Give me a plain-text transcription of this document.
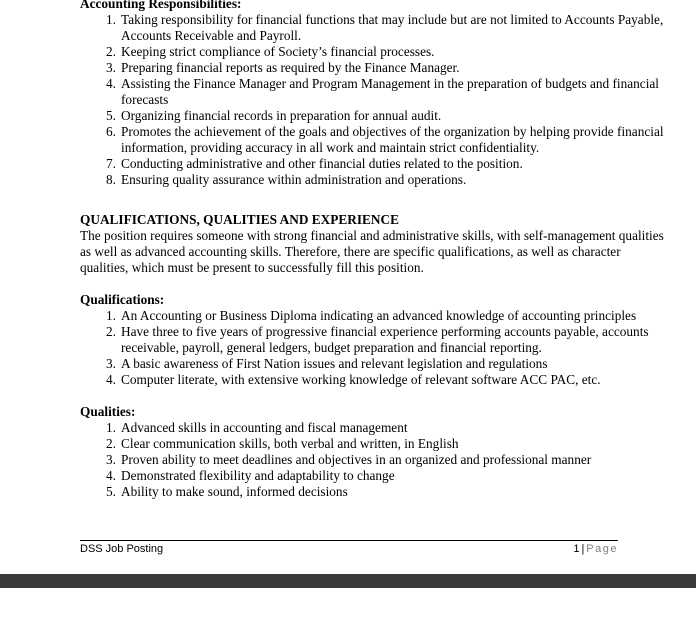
Accounting Responsibilities:
1. Taking responsibility for financial functions that may include but are not limited to Accounts Payable, Accounts Receivable and Payroll.
2. Keeping strict compliance of Society’s financial processes.
3. Preparing financial reports as required by the Finance Manager.
4. Assisting the Finance Manager and Program Management in the preparation of budgets and financial forecasts
5. Organizing financial records in preparation for annual audit.
6. Promotes the achievement of the goals and objectives of the organization by helping provide financial information, providing accuracy in all work and maintain strict confidentiality.
7. Conducting administrative and other financial duties related to the position.
8. Ensuring quality assurance within administration and operations.
QUALIFICATIONS, QUALITIES AND EXPERIENCE

The position requires someone with strong financial and administrative skills, with self-management qualities as well as advanced accounting skills. Therefore, there are specific qualifications, as well as character qualities, which must be present to successfully fill this position.

Qualifications:
1. An Accounting or Business Diploma indicating an advanced knowledge of accounting principles
2. Have three to five years of progressive financial experience performing accounts payable, accounts receivable, payroll, general ledgers, budget preparation and financial reporting.
3. A basic awareness of First Nation issues and relevant legislation and regulations
4. Computer literate, with extensive working knowledge of relevant software ACC PAC, etc.
Qualities:
1. Advanced skills in accounting and fiscal management
2. Clear communication skills, both verbal and written, in English
3. Proven ability to meet deadlines and objectives in an organized and professional manner
4. Demonstrated flexibility and adaptability to change
5. Ability to make sound, informed decisions
DSS Job Posting	1 | Page
